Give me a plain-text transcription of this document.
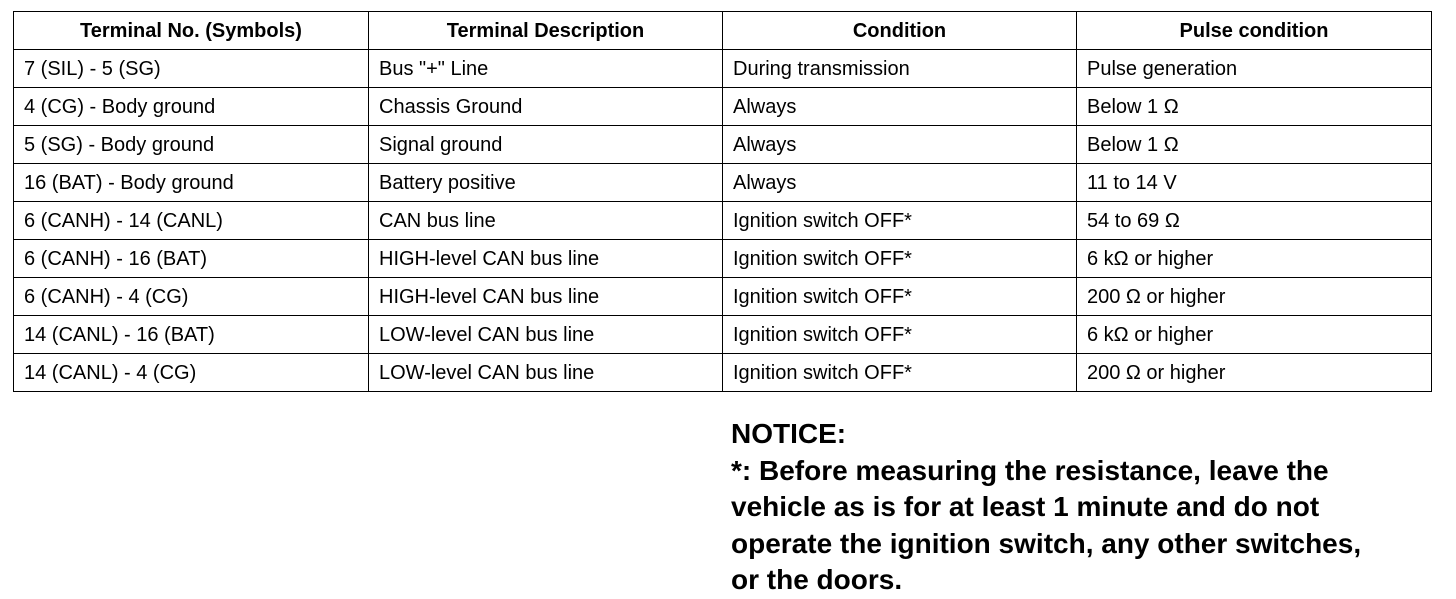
Terminal No. (Symbols)	Terminal Description	Condition	Pulse condition
7 (SIL) - 5 (SG)	Bus "+" Line	During transmission	Pulse generation
4 (CG) - Body ground	Chassis Ground	Always	Below 1 Ω
5 (SG) - Body ground	Signal ground	Always	Below 1 Ω
16 (BAT) - Body ground	Battery positive	Always	11 to 14 V
6 (CANH) - 14 (CANL)	CAN bus line	Ignition switch OFF*	54 to 69 Ω
6 (CANH) - 16 (BAT)	HIGH-level CAN bus line	Ignition switch OFF*	6 kΩ or higher
6 (CANH) - 4 (CG)	HIGH-level CAN bus line	Ignition switch OFF*	200 Ω or higher
14 (CANL) - 16 (BAT)	LOW-level CAN bus line	Ignition switch OFF*	6 kΩ or higher
14 (CANL) - 4 (CG)	LOW-level CAN bus line	Ignition switch OFF*	200 Ω or higher

NOTICE:

*: Before measuring the resistance, leave the

vehicle as is for at least 1 minute and do not

operate the ignition switch, any other switches,

or the doors.
